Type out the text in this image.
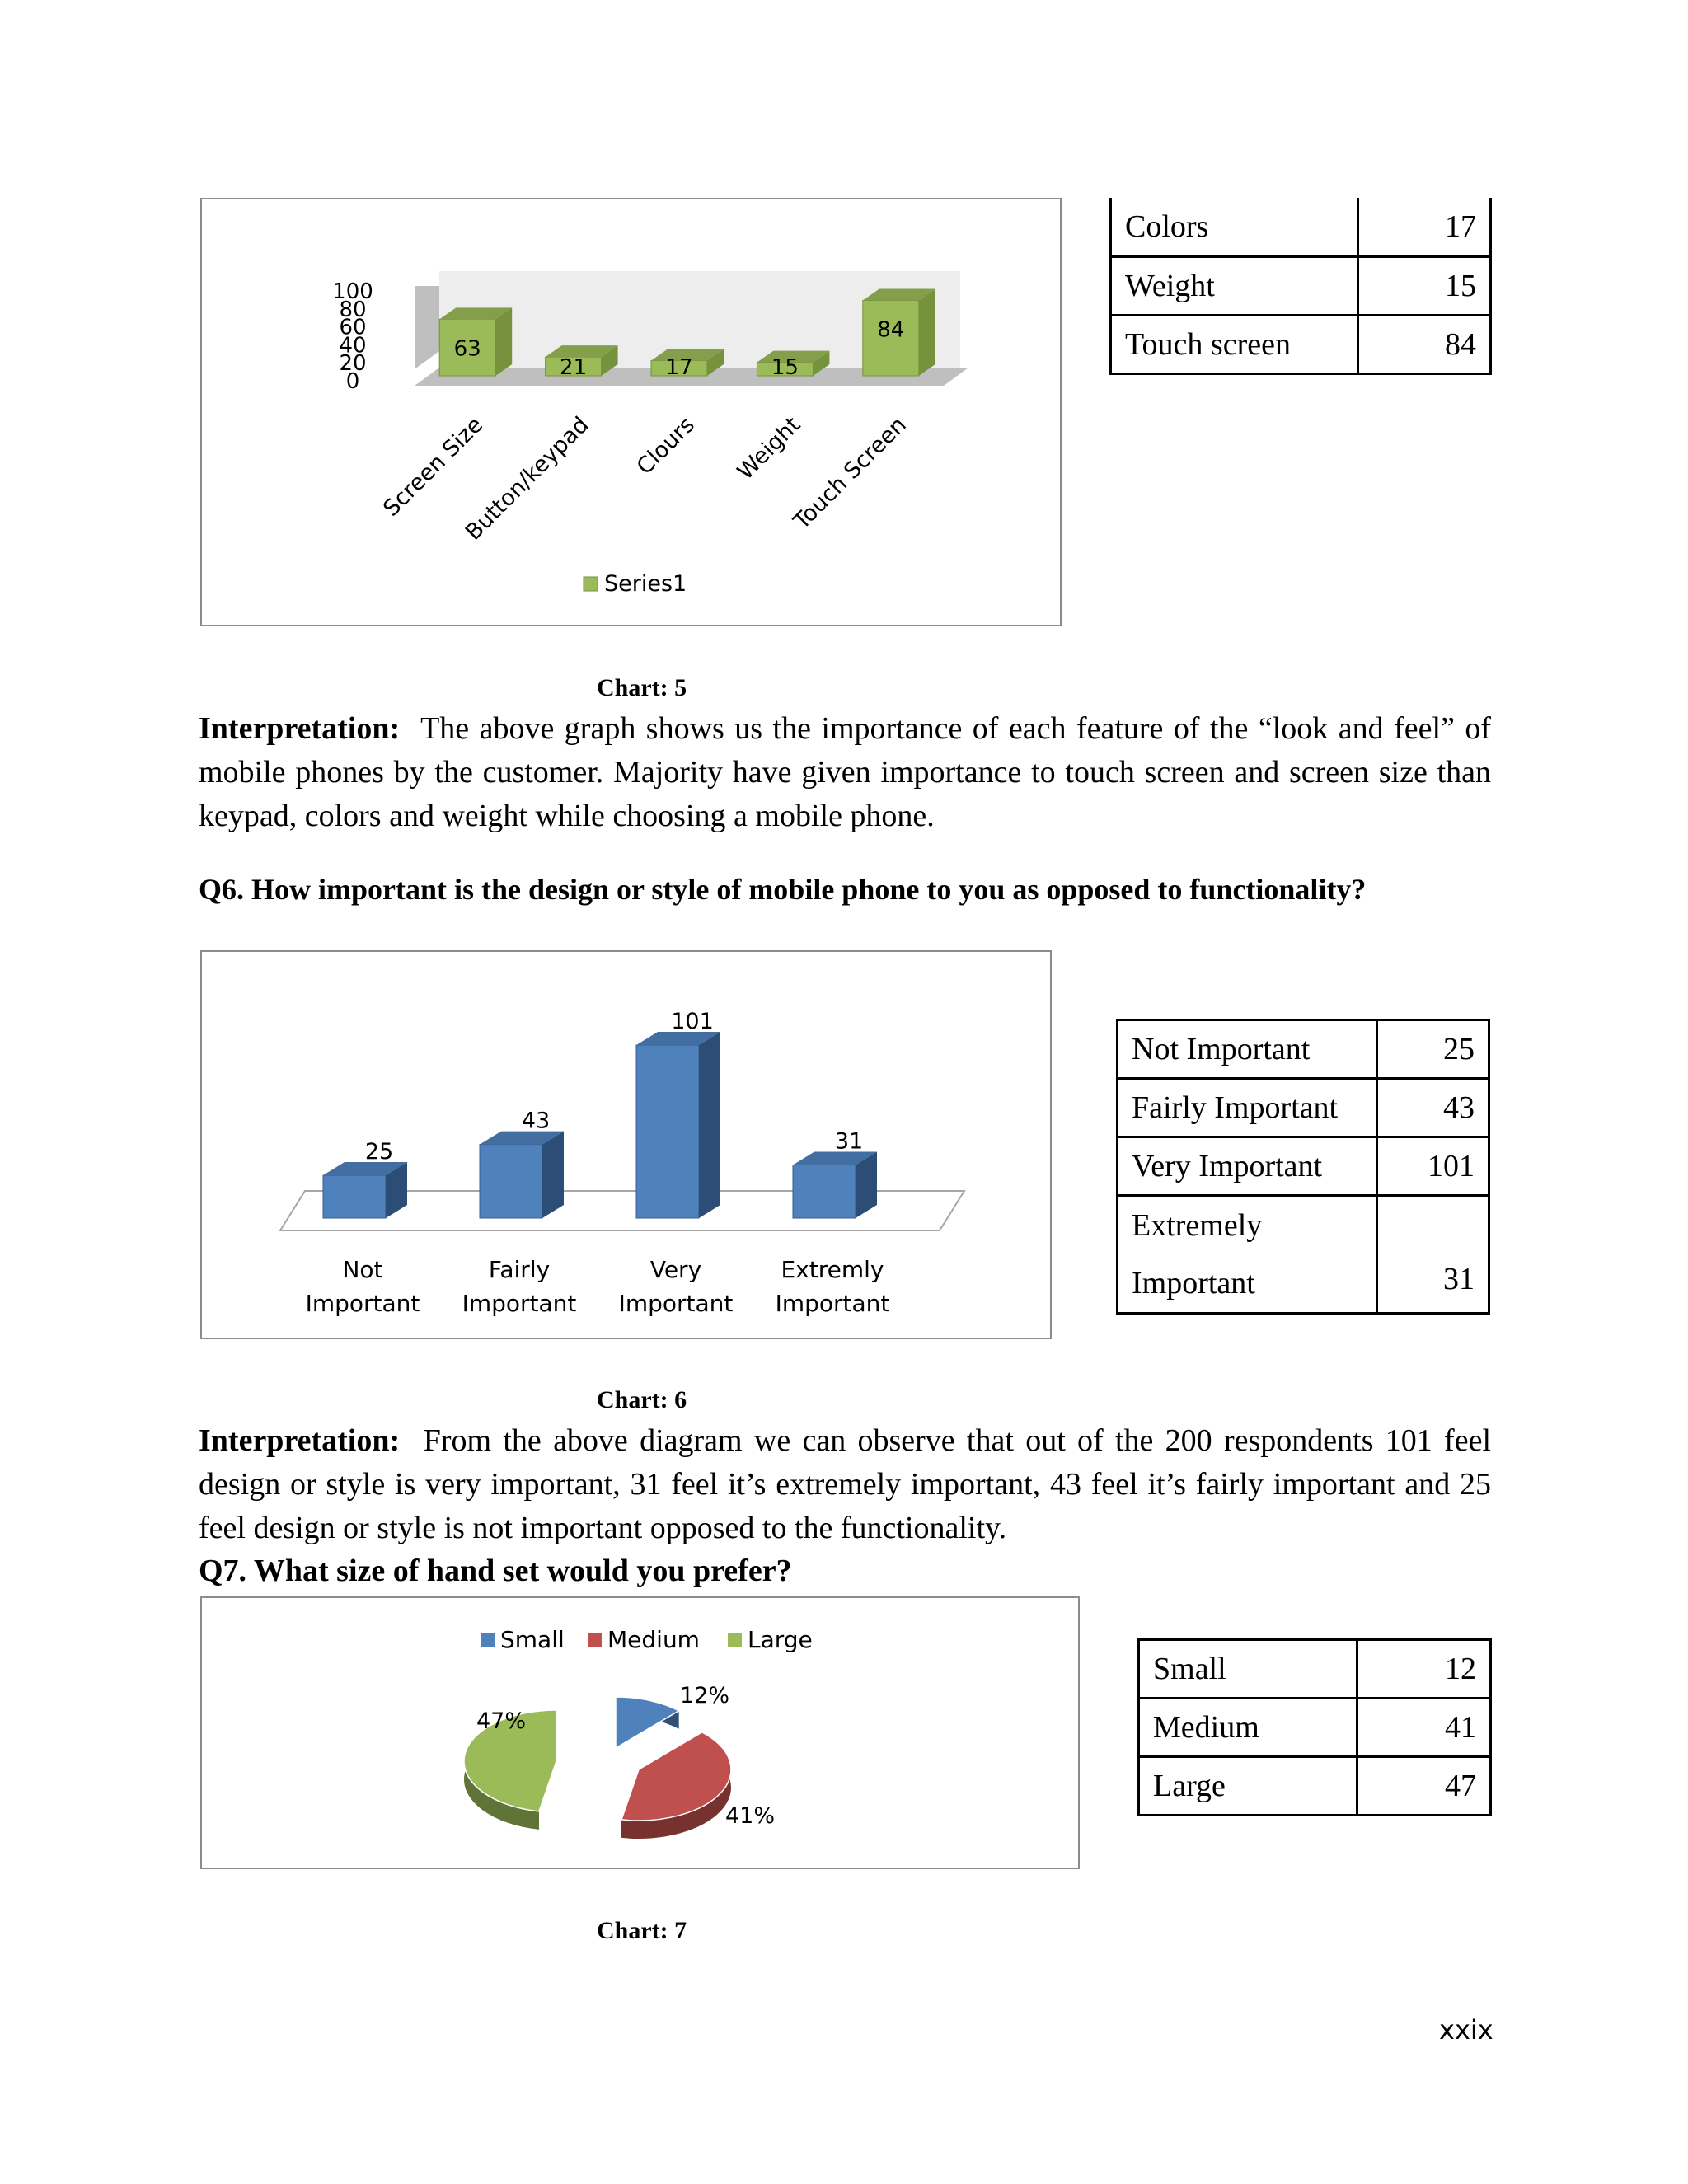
100
80
60
40
20
0
63
Screen Size
21
Button/keypad
17
Clours
15
Weight
84
Touch Screen
Series1
Colors	17
Weight	15
Touch screen	84
Chart: 5
Interpretation: The above graph shows us the importance of each feature of the “look and feel” of mobile phones by the customer. Majority have given importance to touch screen and screen size than keypad, colors and weight while choosing a mobile phone.
Q6. How important is the design or style of mobile phone to you as opposed to functionality?
25
Not
Important
43
Fairly
Important
101
Very
Important
31
Extremly
Important
Not Important	25
Fairly Important	43
Very Important	101

Extremely
Important	31
Chart: 6
Interpretation: From the above diagram we can observe that out of the 200 respondents 101 feel design or style is very important, 31 feel it’s extremely important, 43 feel it’s fairly important and 25 feel design or style is not important opposed to the functionality.
Q7. What size of hand set would you prefer?
Small Medium Large
12%
41%
47%
Small	12
Medium	41
Large	47
Chart: 7
xxix
